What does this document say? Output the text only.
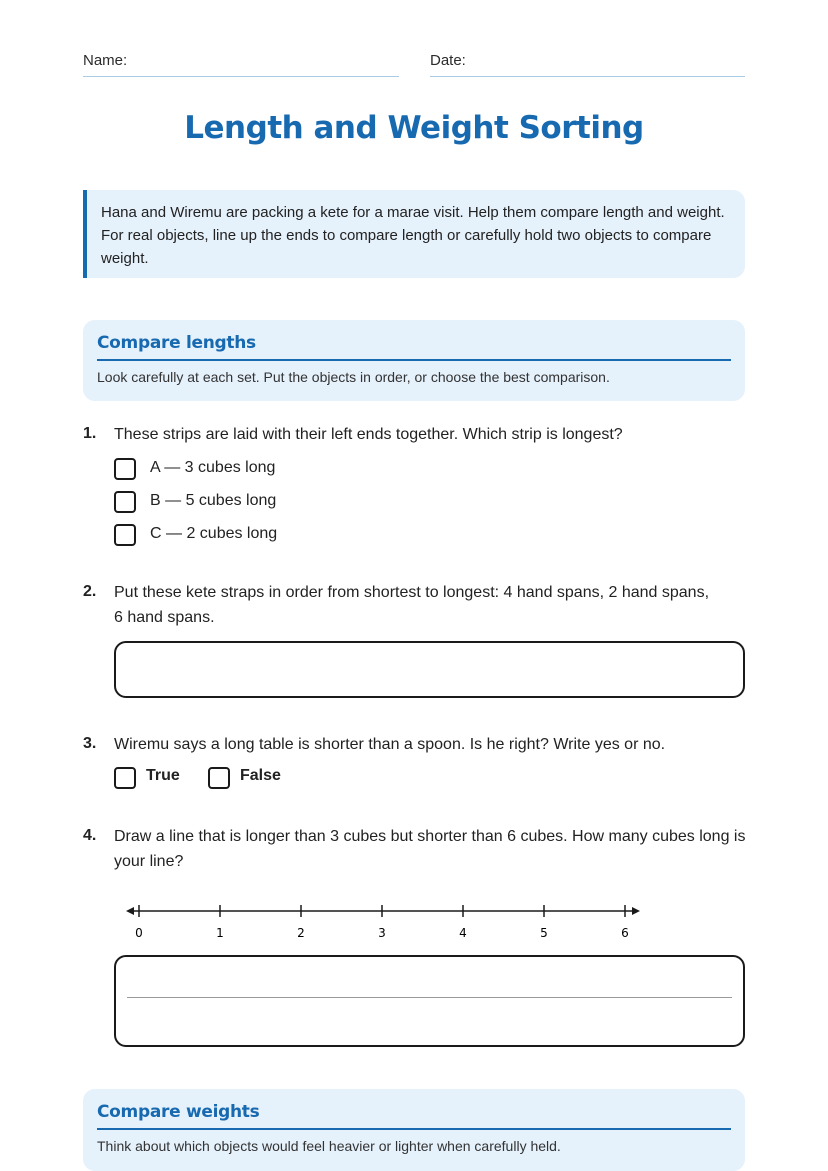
Name:	Date:
Length and Weight Sorting
Hana and Wiremu are packing a kete for a marae visit. Help them compare length and weight. For real objects, line up the ends to compare length or carefully hold two objects to compare weight.
Compare lengths
Look carefully at each set. Put the objects in order, or choose the best comparison.
1. These strips are laid with their left ends together. Which strip is longest?
A — 3 cubes long
B — 5 cubes long
C — 2 cubes long
2. Put these kete straps in order from shortest to longest: 4 hand spans, 2 hand spans, 6 hand spans.
3. Wiremu says a long table is shorter than a spoon. Is he right? Write yes or no.
True	False
4. Draw a line that is longer than 3 cubes but shorter than 6 cubes. How many cubes long is your line?
0	1	2	3	4	5	6
Compare weights
Think about which objects would feel heavier or lighter when carefully held.
